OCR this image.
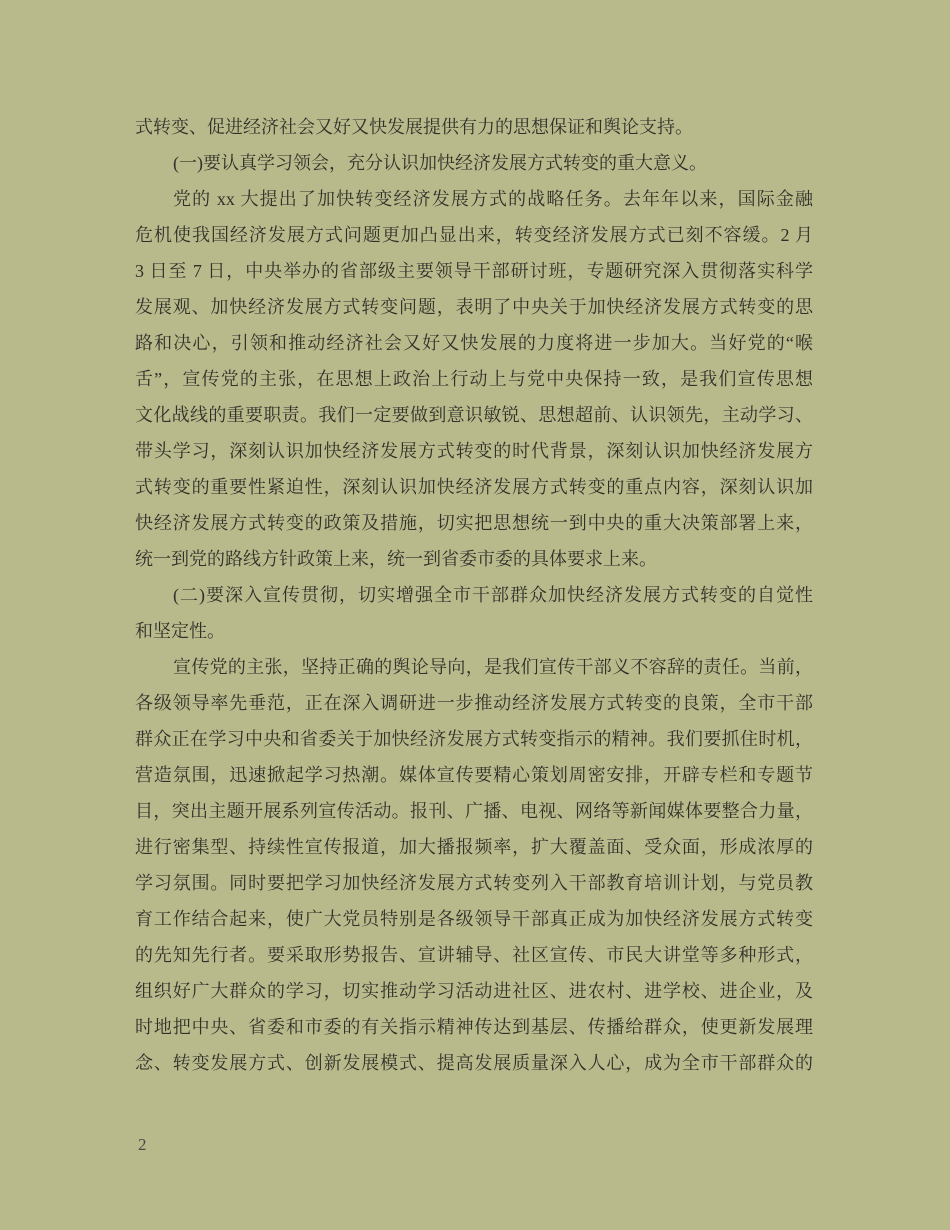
式转变、促进经济社会又好又快发展提供有力的思想保证和舆论支持。
(一)要认真学习领会，充分认识加快经济发展方式转变的重大意义。
党的 xx 大提出了加快转变经济发展方式的战略任务。去年年以来，国际金融
危机使我国经济发展方式问题更加凸显出来，转变经济发展方式已刻不容缓。2 月
3 日至 7 日，中央举办的省部级主要领导干部研讨班，专题研究深入贯彻落实科学
发展观、加快经济发展方式转变问题，表明了中央关于加快经济发展方式转变的思
路和决心，引领和推动经济社会又好又快发展的力度将进一步加大。当好党的“喉
舌”，宣传党的主张，在思想上政治上行动上与党中央保持一致，是我们宣传思想
文化战线的重要职责。我们一定要做到意识敏锐、思想超前、认识领先，主动学习、
带头学习，深刻认识加快经济发展方式转变的时代背景，深刻认识加快经济发展方
式转变的重要性紧迫性，深刻认识加快经济发展方式转变的重点内容，深刻认识加
快经济发展方式转变的政策及措施，切实把思想统一到中央的重大决策部署上来，
统一到党的路线方针政策上来，统一到省委市委的具体要求上来。
(二)要深入宣传贯彻，切实增强全市干部群众加快经济发展方式转变的自觉性
和坚定性。
宣传党的主张，坚持正确的舆论导向，是我们宣传干部义不容辞的责任。当前，
各级领导率先垂范，正在深入调研进一步推动经济发展方式转变的良策，全市干部
群众正在学习中央和省委关于加快经济发展方式转变指示的精神。我们要抓住时机，
营造氛围，迅速掀起学习热潮。媒体宣传要精心策划周密安排，开辟专栏和专题节
目，突出主题开展系列宣传活动。报刊、广播、电视、网络等新闻媒体要整合力量，
进行密集型、持续性宣传报道，加大播报频率，扩大覆盖面、受众面，形成浓厚的
学习氛围。同时要把学习加快经济发展方式转变列入干部教育培训计划，与党员教
育工作结合起来，使广大党员特别是各级领导干部真正成为加快经济发展方式转变
的先知先行者。要采取形势报告、宣讲辅导、社区宣传、市民大讲堂等多种形式，
组织好广大群众的学习，切实推动学习活动进社区、进农村、进学校、进企业，及
时地把中央、省委和市委的有关指示精神传达到基层、传播给群众，使更新发展理
念、转变发展方式、创新发展模式、提高发展质量深入人心，成为全市干部群众的
2
